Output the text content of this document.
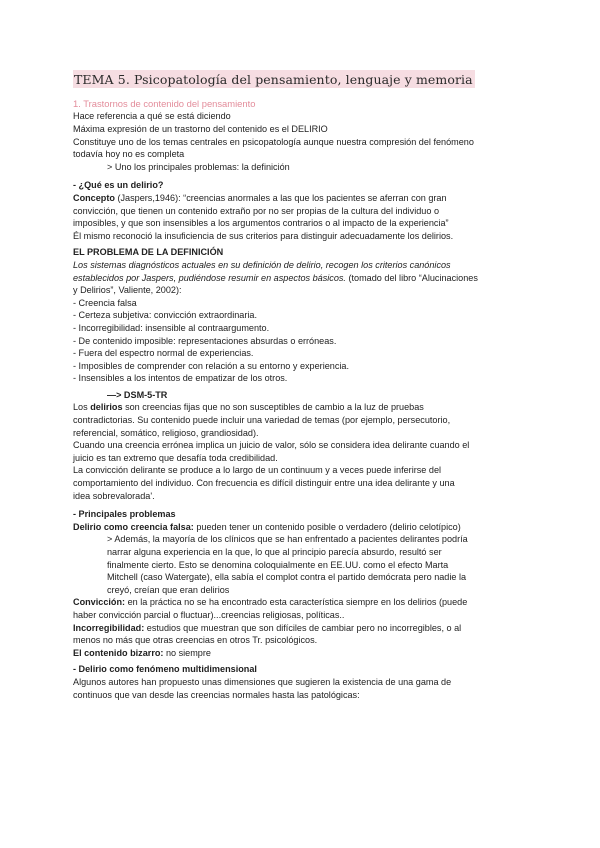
TEMA 5. Psicopatología del pensamiento, lenguaje y memoria

1. Trastornos de contenido del pensamiento

Hace referencia a qué se está diciendo

Máxima expresión de un trastorno del contenido es el DELIRIO

Constituye uno de los temas centrales en psicopatología aunque nuestra compresión del fenómeno

todavía hoy no es completa

> Uno los principales problemas: la definición

- ¿Qué es un delirio?

Concepto (Jaspers,1946): “creencias anormales a las que los pacientes se aferran con gran

convicción, que tienen un contenido extraño por no ser propias de la cultura del individuo o

imposibles, y que son insensibles a los argumentos contrarios o al impacto de la experiencia”

Él mismo reconoció la insuficiencia de sus criterios para distinguir adecuadamente los delirios.

EL PROBLEMA DE LA DEFINICIÓN

Los sistemas diagnósticos actuales en su definición de delirio, recogen los criterios canónicos

establecidos por Jaspers, pudiéndose resumir en aspectos básicos. (tomado del libro “Alucinaciones

y Delirios”, Valiente, 2002):

- Creencia falsa

- Certeza subjetiva: convicción extraordinaria.

- Incorregibilidad: insensible al contraargumento.

- De contenido imposible: representaciones absurdas o erróneas.

- Fuera del espectro normal de experiencias.

- Imposibles de comprender con relación a su entorno y experiencia.

- Insensibles a los intentos de empatizar de los otros.

—> DSM-5-TR

Los delirios son creencias fijas que no son susceptibles de cambio a la luz de pruebas

contradictorias. Su contenido puede incluir una variedad de temas (por ejemplo, persecutorio,

referencial, somático, religioso, grandiosidad).

Cuando una creencia errónea implica un juicio de valor, sólo se considera idea delirante cuando el

juicio es tan extremo que desafía toda credibilidad.

La convicción delirante se produce a lo largo de un continuum y a veces puede inferirse del

comportamiento del individuo. Con frecuencia es difícil distinguir entre una idea delirante y una

idea sobrevalorada'.

- Principales problemas

Delirio como creencia falsa: pueden tener un contenido posible o verdadero (delirio celotípico)

> Además, la mayoría de los clínicos que se han enfrentado a pacientes delirantes podría

narrar alguna experiencia en la que, lo que al principio parecía absurdo, resultó ser

finalmente cierto. Esto se denomina coloquialmente en EE.UU. como el efecto Marta

Mitchell (caso Watergate), ella sabía el complot contra el partido demócrata pero nadie la

creyó, creían que eran delirios

Convicción: en la práctica no se ha encontrado esta característica siempre en los delirios (puede

haber convicción parcial o fluctuar)...creencias religiosas, políticas..

Incorregibilidad: estudios que muestran que son difíciles de cambiar pero no incorregibles, o al

menos no más que otras creencias en otros Tr. psicológicos.

El contenido bizarro: no siempre

- Delirio como fenómeno multidimensional

Algunos autores han propuesto unas dimensiones que sugieren la existencia de una gama de

continuos que van desde las creencias normales hasta las patológicas:
